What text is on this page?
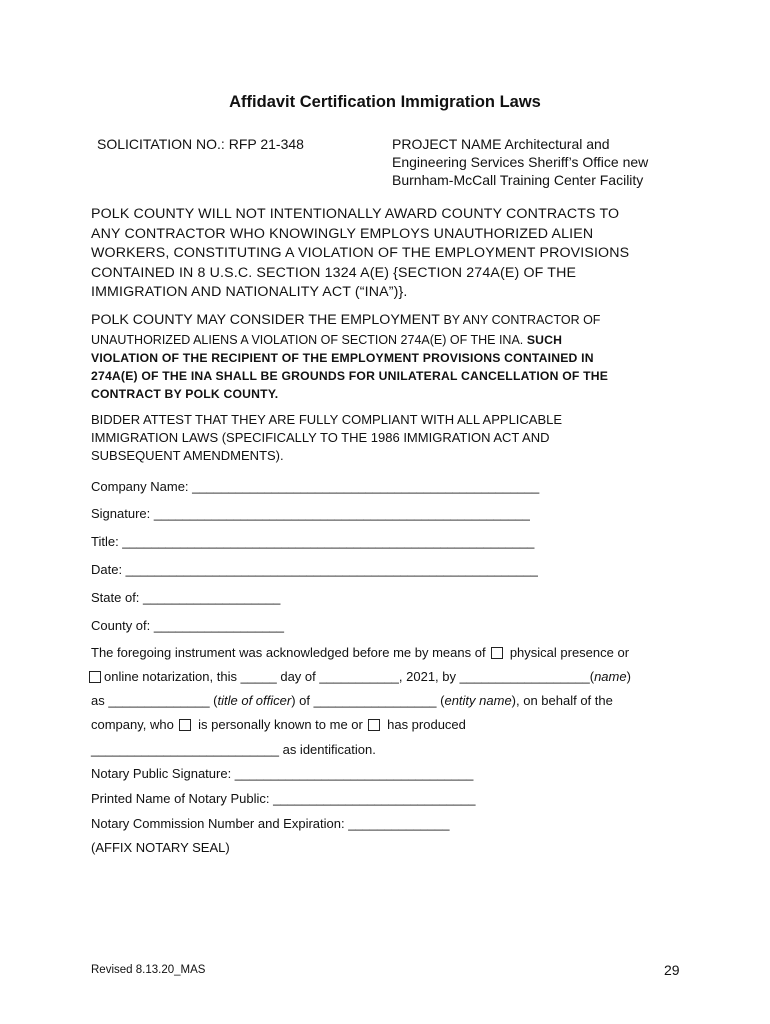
Affidavit Certification Immigration Laws
SOLICITATION NO.: RFP 21-348	PROJECT NAME Architectural and
Engineering Services Sheriff’s Office new
Burnham-McCall Training Center Facility
POLK COUNTY WILL NOT INTENTIONALLY AWARD COUNTY CONTRACTS TO
ANY CONTRACTOR WHO KNOWINGLY EMPLOYS UNAUTHORIZED ALIEN
WORKERS, CONSTITUTING A VIOLATION OF THE EMPLOYMENT PROVISIONS
CONTAINED IN 8 U.S.C. SECTION 1324 A(E) {SECTION 274A(E) OF THE
IMMIGRATION AND NATIONALITY ACT (“INA”)}.
POLK COUNTY MAY CONSIDER THE EMPLOYMENT BY ANY CONTRACTOR OF
UNAUTHORIZED ALIENS A VIOLATION OF SECTION 274A(E) OF THE INA. SUCH
VIOLATION OF THE RECIPIENT OF THE EMPLOYMENT PROVISIONS CONTAINED IN
274A(E) OF THE INA SHALL BE GROUNDS FOR UNILATERAL CANCELLATION OF THE
CONTRACT BY POLK COUNTY.
BIDDER ATTEST THAT THEY ARE FULLY COMPLIANT WITH ALL APPLICABLE
IMMIGRATION LAWS (SPECIFICALLY TO THE 1986 IMMIGRATION ACT AND
SUBSEQUENT AMENDMENTS).
Company Name: ________________________________________________
Signature: ____________________________________________________
Title: _________________________________________________________
Date: _________________________________________________________
State of: ___________________
County of: __________________
The foregoing instrument was acknowledged before me by means of physical presence or
online notarization, this _____ day of ___________, 2021, by __________________(name)
as ______________ (title of officer) of _________________ (entity name), on behalf of the
company, who is personally known to me or has produced
__________________________ as identification.
Notary Public Signature: _________________________________
Printed Name of Notary Public: ____________________________
Notary Commission Number and Expiration: ______________
(AFFIX NOTARY SEAL)
Revised 8.13.20_MAS	29
